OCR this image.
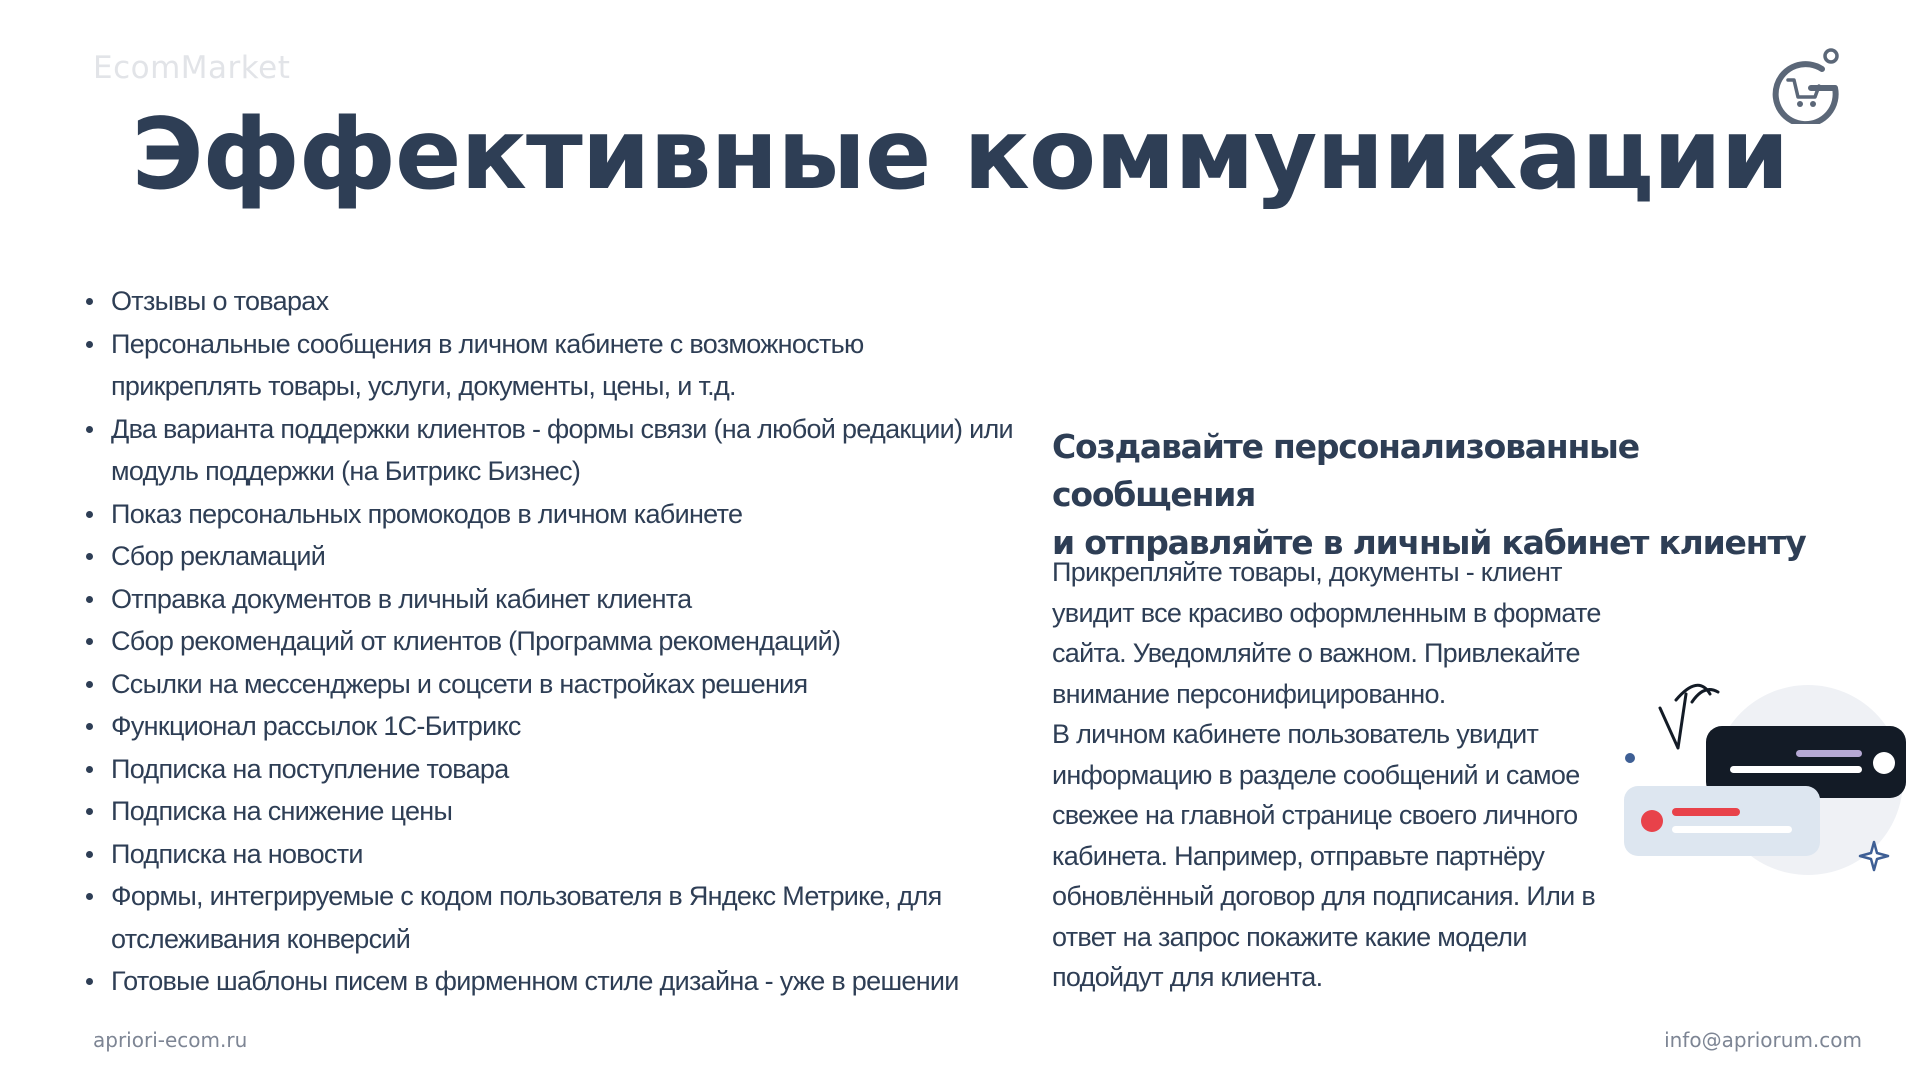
EcomMarket
Эффективные коммуникации
Отзывы о товарах
Персональные сообщения в личном кабинете с возможностью прикреплять товары, услуги, документы, цены, и т.д.
Два варианта поддержки клиентов - формы связи (на любой редакции) или модуль поддержки (на Битрикс Бизнес)
Показ персональных промокодов в личном кабинете
Сбор рекламаций
Отправка документов в личный кабинет клиента
Сбор рекомендаций от клиентов (Программа рекомендаций)
Ссылки на мессенджеры и соцсети в настройках решения
Функционал рассылок 1С-Битрикс
Подписка на поступление товара
Подписка на снижение цены
Подписка на новости
Формы, интегрируемые с кодом пользователя в Яндекс Метрике, для отслеживания конверсий
Готовые шаблоны писем в фирменном стиле дизайна - уже в решении
Создавайте персонализованные сообщения
и отправляйте в личный кабинет клиенту

Прикрепляйте товары, документы - клиент увидит все красиво оформленным в формате сайта. Уведомляйте о важном. Привлекайте внимание персонифицированно.

В личном кабинете пользователь увидит информацию в разделе сообщений и самое свежее на главной странице своего личного кабинета. Например, отправьте партнёру обновлённый договор для подписания. Или в ответ на запрос покажите какие модели подойдут для клиента.

apriori-ecom.ru	info@apriorum.com
